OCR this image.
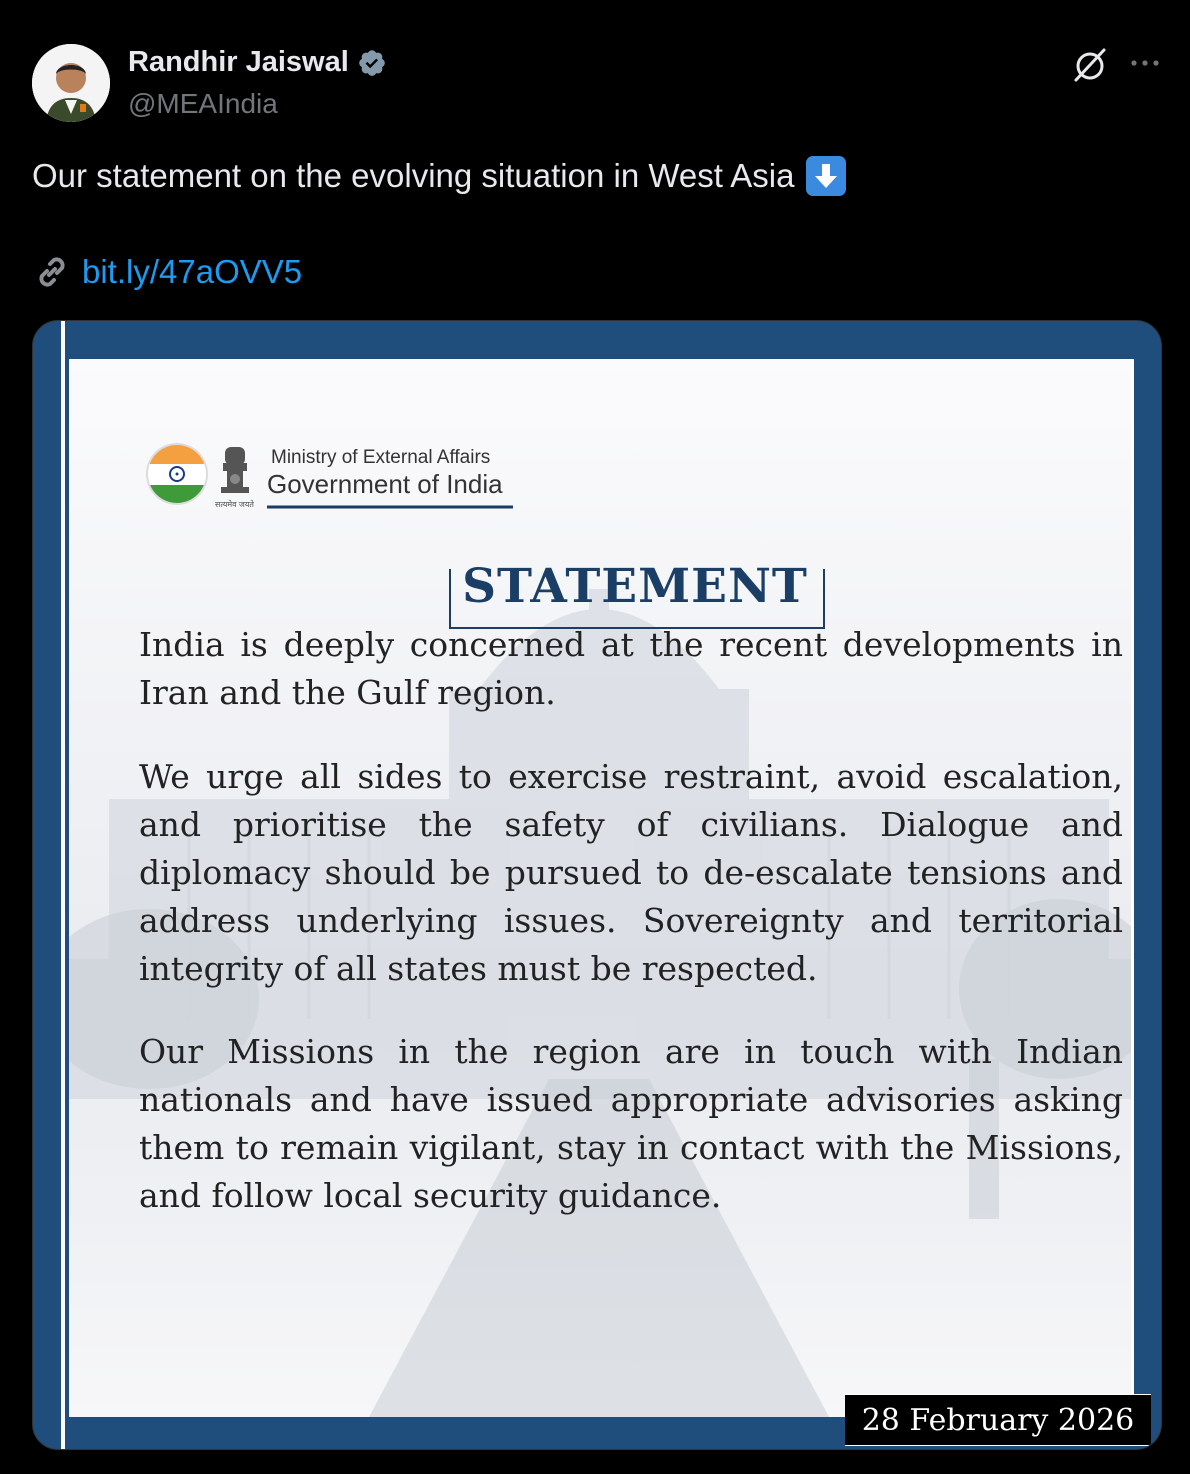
Randhir Jaiswal
@MEAIndia
Our statement on the evolving situation in West Asia
bit.ly/47aOVV5
Ministry of External Affairs
Government of India
सत्यमेव जयते
STATEMENT
India is deeply concerned at the recent developments in Iran and the Gulf region.
We urge all sides to exercise restraint, avoid escalation, and prioritise the safety of civilians. Dialogue and diplomacy should be pursued to de-escalate tensions and address underlying issues. Sovereignty and territorial integrity of all states must be respected.
Our Missions in the region are in touch with Indian nationals and have issued appropriate advisories asking them to remain vigilant, stay in contact with the Missions, and follow local security guidance.
28 February 2026
